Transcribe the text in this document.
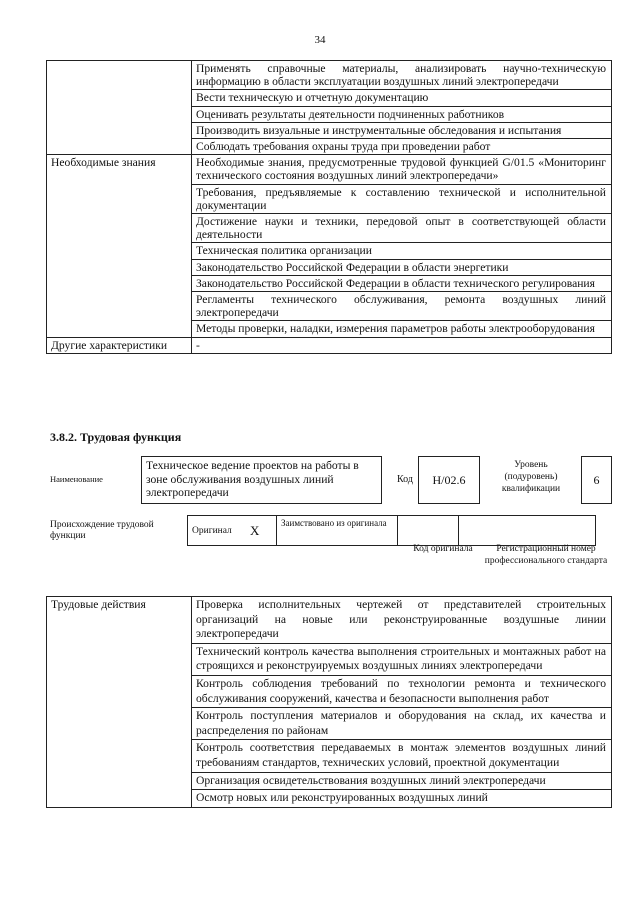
34
	Применять справочные материалы, анализировать научно-техническую информацию в области эксплуатации воздушных линий электропередачи
	Вести техническую и отчетную документацию
	Оценивать результаты деятельности подчиненных работников
	Производить визуальные и инструментальные обследования и испытания
	Соблюдать требования охраны труда при проведении работ
Необходимые знания	Необходимые знания, предусмотренные трудовой функцией G/01.5 «Мониторинг технического состояния воздушных линий электропередачи»
	Требования, предъявляемые к составлению технической и исполнительной документации
	Достижение науки и техники, передовой опыт в соответствующей области деятельности
	Техническая политика организации
	Законодательство Российской Федерации в области энергетики
	Законодательство Российской Федерации в области технического регулирования
	Регламенты технического обслуживания, ремонта воздушных линий электропередачи
	Методы проверки, наладки, измерения параметров работы электрооборудования
Другие характеристики	-
3.8.2. Трудовая функция
Наименование
Техническое ведение проектов на работы в зоне обслуживания воздушных линий электропередачи
Код	Н/02.6
Уровень (подуровень) квалификации
6
Происхождение трудовой функции
Оригинал	X	Заимствовано из оригинала		
Код оригинала	Регистрационный номер профессионального стандарта
Трудовые действия	Проверка исполнительных чертежей от представителей строительных организаций на новые или реконструированные воздушные линии электропередачи
Технический контроль качества выполнения строительных и монтажных работ на строящихся и реконструируемых воздушных линиях электропередачи
Контроль соблюдения требований по технологии ремонта и технического обслуживания сооружений, качества и безопасности выполнения работ
Контроль поступления материалов и оборудования на склад, их качества и распределения по районам
Контроль соответствия передаваемых в монтаж элементов воздушных линий требованиям стандартов, технических условий, проектной документации
Организация освидетельствования воздушных линий электропередачи
Осмотр новых или реконструированных воздушных линий
